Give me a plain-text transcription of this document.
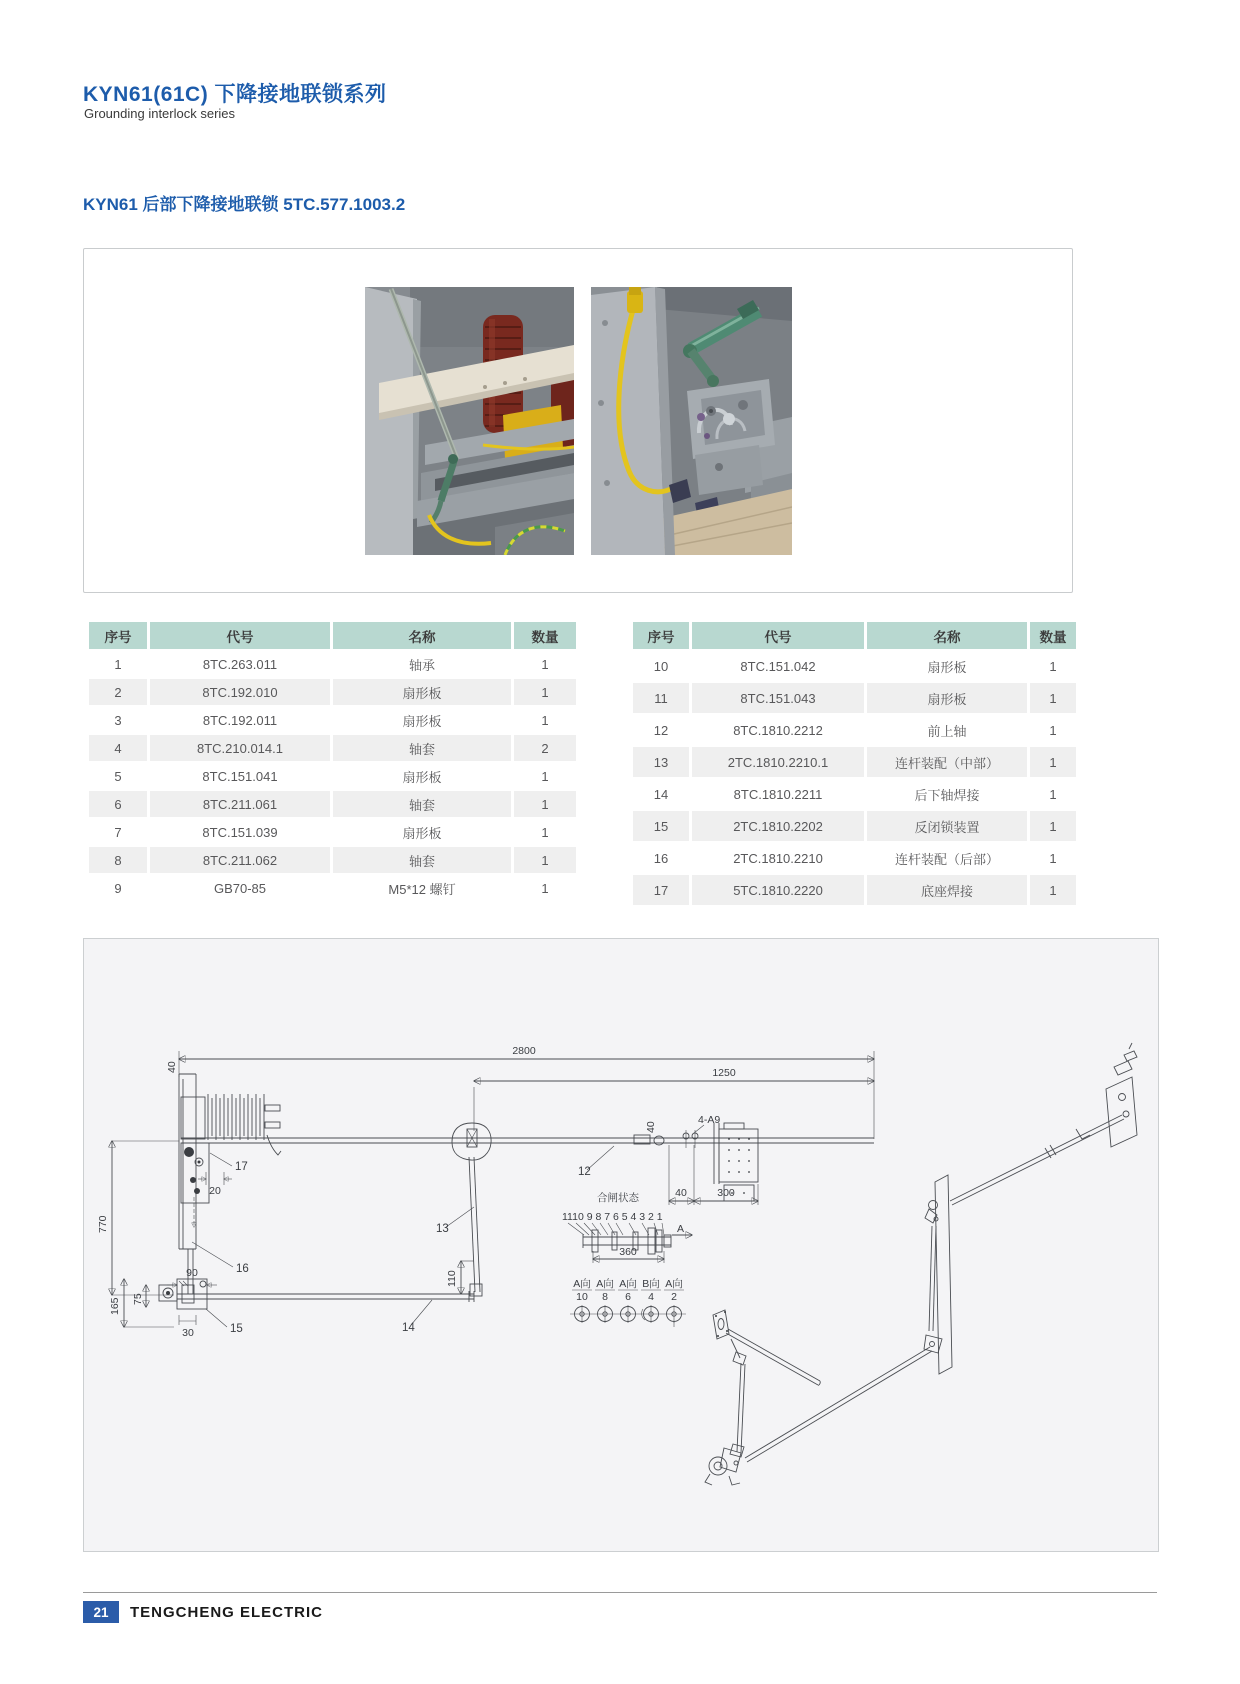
KYN61(61C) 下降接地联锁系列
Grounding interlock series
KYN61 后部下降接地联锁 5TC.577.1003.2
序号	代号	名称	数量
1	8TC.263.011	轴承	1
2	8TC.192.010	扇形板	1
3	8TC.192.011	扇形板	1
4	8TC.210.014.1	轴套	2
5	8TC.151.041	扇形板	1
6	8TC.211.061	轴套	1
7	8TC.151.039	扇形板	1
8	8TC.211.062	轴套	1
9	GB70-85	M5*12 螺钉	1
序号	代号	名称	数量
10	8TC.151.042	扇形板	1
11	8TC.151.043	扇形板	1
12	8TC.1810.2212	前上轴	1
13	2TC.1810.2210.1	连杆装配（中部）	1
14	8TC.1810.2211	后下轴焊接	1
15	2TC.1810.2202	反闭锁装置	1
16	2TC.1810.2210	连杆装配（后部）	1
17	5TC.1810.2220	底座焊接	1
2800
1250
40
17
20
16
770
90
75
165
30	15	14
110
13
12
40
4-A9
40	300
合闸状态
1110 9 8 7 6 5 4 3 2 1
A
360
A向
10
A向
8
A向
6
B向
4
A向
2
21	TENGCHENG ELECTRIC
